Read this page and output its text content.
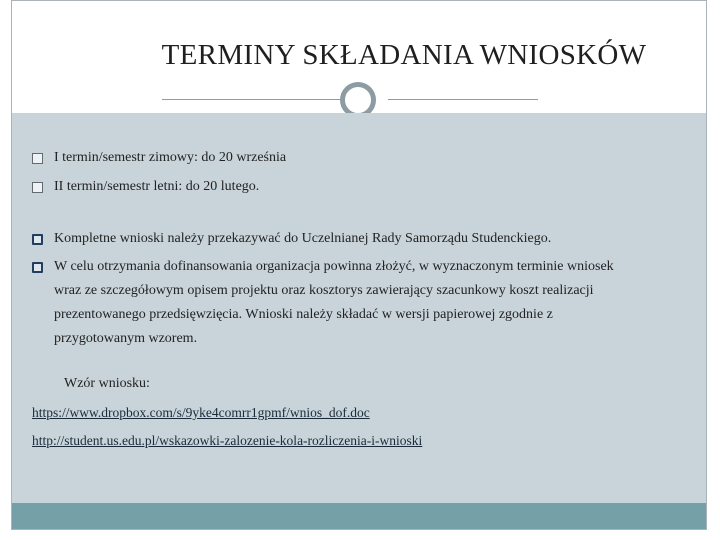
TERMINY SKŁADANIA WNIOSKÓW
I termin/semestr zimowy: do 20 września
II termin/semestr letni: do 20 lutego.
Kompletne wnioski należy przekazywać do Uczelnianej Rady Samorządu Studenckiego.
W celu otrzymania dofinansowania organizacja powinna złożyć, w wyznaczonym terminie wniosek
wraz ze szczegółowym opisem projektu oraz kosztorys zawierający szacunkowy koszt realizacji
prezentowanego przedsięwzięcia. Wnioski należy składać w wersji papierowej zgodnie z
przygotowanym wzorem.
Wzór wniosku:
https://www.dropbox.com/s/9yke4comrr1gpmf/wnios_dof.doc
http://student.us.edu.pl/wskazowki-zalozenie-kola-rozliczenia-i-wnioski
